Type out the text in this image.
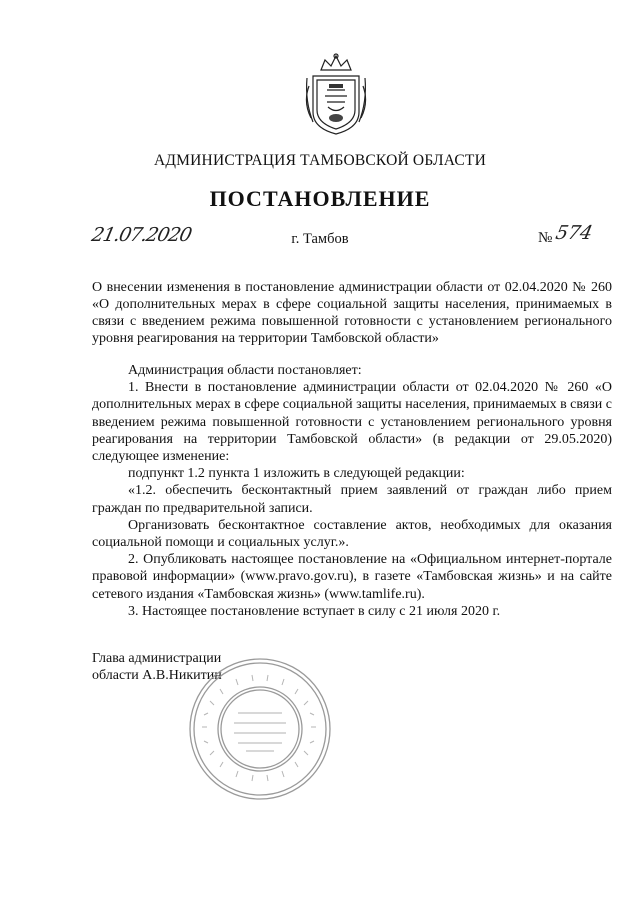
АДМИНИСТРАЦИЯ ТАМБОВСКОЙ ОБЛАСТИ
ПОСТАНОВЛЕНИЕ
21.07.2020	г. Тамбов	№ 574
О внесении изменения в постановление администрации области от 02.04.2020 № 260 «О дополнительных мерах в сфере социальной защиты населения, принимаемых в связи с введением режима повышенной готовности с установлением регионального уровня реагирования на территории Тамбовской области»

Администрация области постановляет:

1. Внести в постановление администрации области от 02.04.2020 № 260 «О дополнительных мерах в сфере социальной защиты населения, принимаемых в связи с введением режима повышенной готовности с установлением регионального уровня реагирования на территории Тамбовской области» (в редакции от 29.05.2020) следующее изменение:

подпункт 1.2 пункта 1 изложить в следующей редакции:

«1.2. обеспечить бесконтактный прием заявлений от граждан либо прием граждан по предварительной записи.

Организовать бесконтактное составление актов, необходимых для оказания социальной помощи и социальных услуг.».

2. Опубликовать настоящее постановление на «Официальном интернет-портале правовой информации» (www.pravo.gov.ru), в газете «Тамбовская жизнь» и на сайте сетевого издания «Тамбовская жизнь» (www.tamlife.ru).

3. Настоящее постановление вступает в силу с 21 июля 2020 г.

Глава администрации
области А.В.Никитин
